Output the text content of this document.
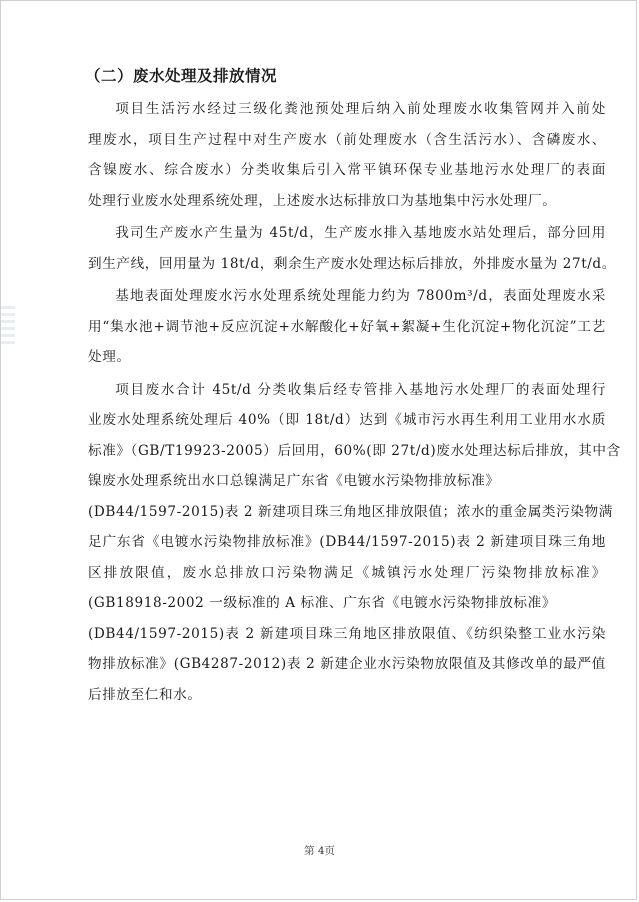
（二）废水处理及排放情况
项目生活污水经过三级化粪池预处理后纳入前处理废水收集管网并入前处
理废水，项目生产过程中对生产废水（前处理废水（含生活污水）、含磷废水、
含镍废水、综合废水）分类收集后引入常平镇环保专业基地污水处理厂的表面
处理行业废水处理系统处理，上述废水达标排放口为基地集中污水处理厂。
我司生产废水产生量为 45t/d，生产废水排入基地废水站处理后，部分回用
到生产线，回用量为 18t/d，剩余生产废水处理达标后排放，外排废水量为 27t/d。
基地表面处理废水污水处理系统处理能力约为 7800m³/d，表面处理废水采
用“集水池+调节池+反应沉淀+水解酸化+好氧+絮凝+生化沉淀+物化沉淀”工艺
处理。
项目废水合计 45t/d 分类收集后经专管排入基地污水处理厂的表面处理行
业废水处理系统处理后 40%（即 18t/d）达到《城市污水再生利用工业用水水质
标准》（GB/T19923-2005）后回用，60%(即 27t/d)废水处理达标后排放，其中含
镍废水处理系统出水口总镍满足广东省《电镀水污染物排放标准》
(DB44/1597-2015)表 2 新建项目珠三角地区排放限值；浓水的重金属类污染物满
足广东省《电镀水污染物排放标准》(DB44/1597-2015)表 2 新建项目珠三角地
区排放限值，废水总排放口污染物满足《城镇污水处理厂污染物排放标准》
(GB18918-2002 一级标准的 A 标准、广东省《电镀水污染物排放标准》
(DB44/1597-2015)表 2 新建项目珠三角地区排放限值、《纺织染整工业水污染
物排放标准》(GB4287-2012)表 2 新建企业水污染物放限值及其修改单的最严值
后排放至仁和水。
第 4页
